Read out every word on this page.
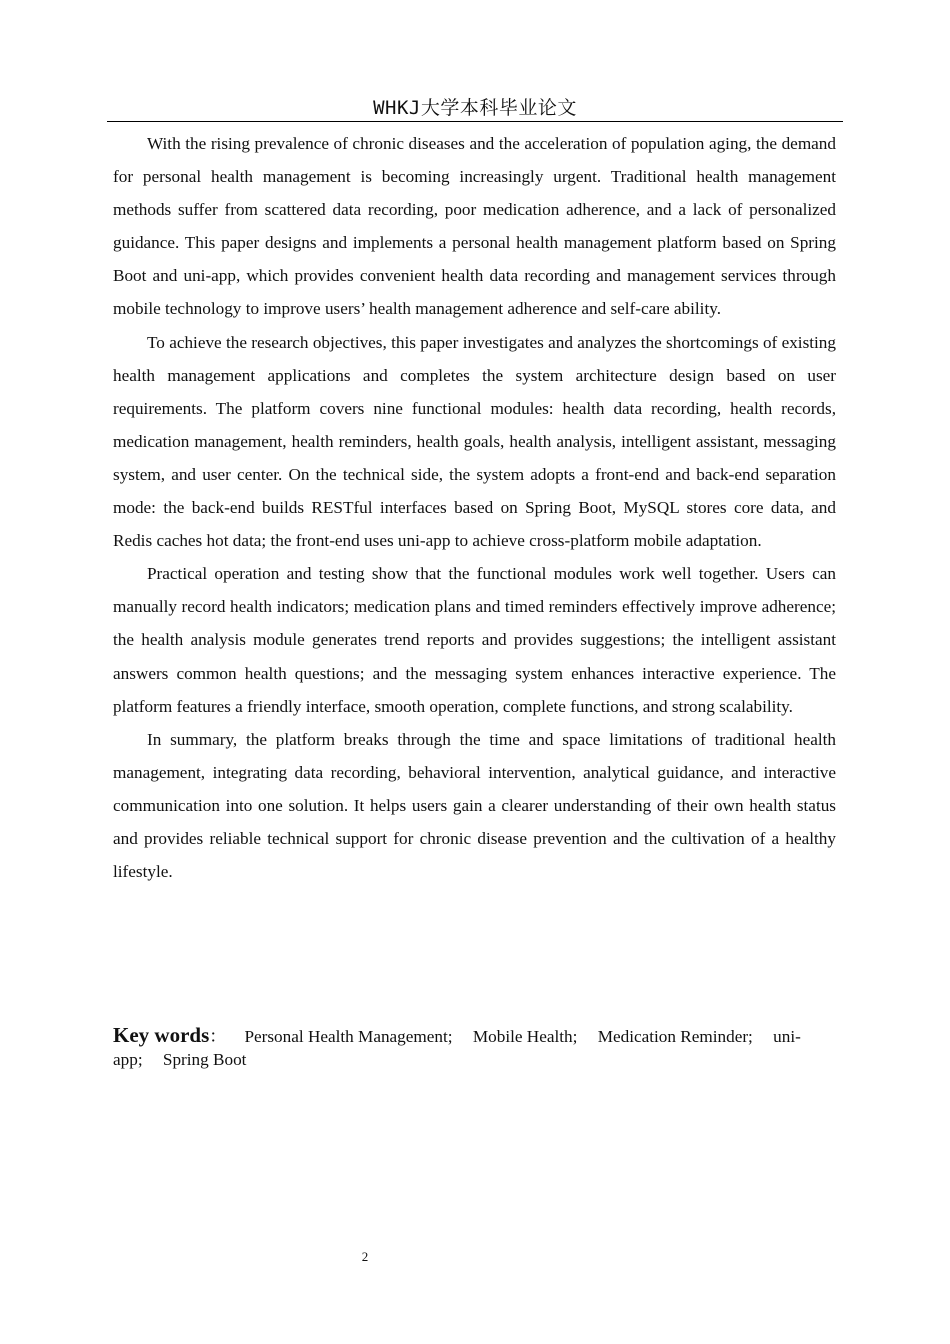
WHKJ大学本科毕业论文

With the rising prevalence of chronic diseases and the acceleration of population aging, the demand for personal health management is becoming increasingly urgent. Traditional health management methods suffer from scattered data recording, poor medication adherence, and a lack of personalized guidance. This paper designs and implements a personal health management platform based on Spring Boot and uni-app, which provides convenient health data recording and management services through mobile technology to improve users’ health management adherence and self-care ability.

To achieve the research objectives, this paper investigates and analyzes the shortcomings of existing health management applications and completes the system architecture design based on user requirements. The platform covers nine functional modules: health data recording, health records, medication management, health reminders, health goals, health analysis, intelligent assistant, messaging system, and user center. On the technical side, the system adopts a front-end and back-end separation mode: the back-end builds RESTful interfaces based on Spring Boot, MySQL stores core data, and Redis caches hot data; the front-end uses uni-app to achieve cross-platform mobile adaptation.

Practical operation and testing show that the functional modules work well together. Users can manually record health indicators; medication plans and timed reminders effectively improve adherence; the health analysis module generates trend reports and provides suggestions; the intelligent assistant answers common health questions; and the messaging system enhances interactive experience. The platform features a friendly interface, smooth operation, complete functions, and strong scalability.

In summary, the platform breaks through the time and space limitations of traditional health management, integrating data recording, behavioral intervention, analytical guidance, and interactive communication into one solution. It helps users gain a clearer understanding of their own health status and provides reliable technical support for chronic disease prevention and the cultivation of a healthy lifestyle.

Key words： Personal Health Management; Mobile Health; Medication Reminder; uni-app; Spring Boot
2
